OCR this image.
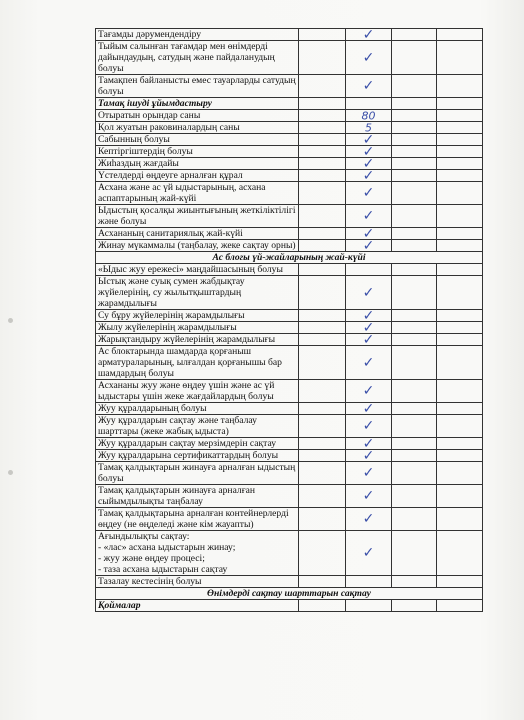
Тағамды дәрумендендіру		✓		

Тыйым салынған тағамдар мен өнімдерді дайындаудың, сатудың және пайдаланудың болуы		✓		

Тамақпен байланысты емес тауарларды сатудың болуы		✓		

Тамақ ішуді ұйымдастыру				
Отыратын орындар саны		80		

Қол жуатын раковиналардың саны		5		

Сабынның болуы		✓		

Кептіргіштердің болуы		✓		

Жиһаздың жағдайы		✓		

Үстелдерді өңдеуге арналған құрал		✓		

Асхана және ас үй ыдыстарының, асхана аспаптарының жай-күйі		✓		

Ыдыстың қосалқы жиынтығының жеткіліктілігі және болуы		✓		

Асхананың санитариялық жай-күйі		✓		

Жинау мүкаммалы (таңбалау, жеке сақтау орны)		✓		

Ас блогы үй-жайларының жай-күйі				
«Ыдыс жуу ережесі» маңдайшасының болуы				
Ыстық және суық сумен жабдықтау жүйелерінің, су жылытқыштардың жарамдылығы		✓		

Су бұру жүйелерінің жарамдылығы		✓		

Жылу жүйелерінің жарамдылығы		✓		

Жарықтандыру жүйелерінің жарамдылығы		✓		

Ас блоктарында шамдарда қорғаныш арматураларының, ылғалдан қорғанышы бар шамдардың болуы		✓		

Асхананы жуу және өңдеу үшін және ас үй ыдыстары үшін жеке жағдайлардың болуы		✓		

Жуу құралдарының болуы		✓		

Жуу құралдарын сақтау және таңбалау шарттары (жеке жабық ыдыста)		✓		

Жуу құралдарын сақтау мерзімдерін сақтау		✓		

Жуу құралдарына сертификаттардың болуы		✓		

Тамақ қалдықтарын жинауға арналған ыдыстың болуы		✓		

Тамақ қалдықтарын жинауға арналған сыйымдылықты таңбалау		✓		

Тамақ қалдықтарына арналған контейнерлерді өңдеу (не өңделеді және кім жауапты)		✓		

Ағындылықты сақтау:
- «лас» асхана ыдыстарын жинау;
- жуу және өңдеу процесі;
- таза асхана ыдыстарын сақтау		✓		

Тазалау кестесінің болуы				
Өнімдерді сақтау шарттарын сақтау				
Қоймалар				
